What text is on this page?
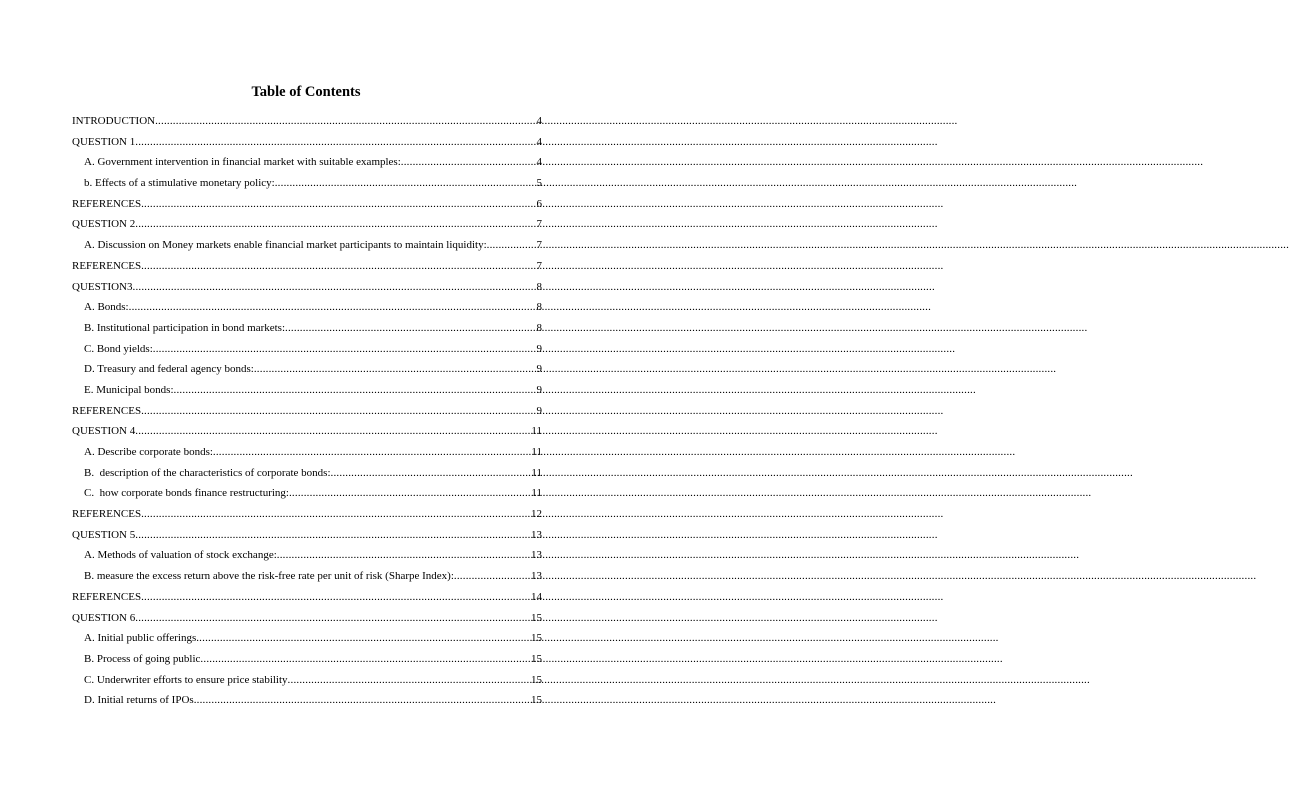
Table of Contents
INTRODUCTION .....	4
QUESTION 1 .....	4
A. Government intervention in financial market with suitable examples: .....	4
b. Effects of a stimulative monetary policy: .....	5
REFERENCES .....	6
QUESTION 2 .....	7
A. Discussion on Money markets enable financial market participants to maintain liquidity: .....	7
REFERENCES .....	7
QUESTION3 .....	8
A. Bonds: .....	8
B. Institutional participation in bond markets: .....	8
C. Bond yields: .....	9
D. Treasury and federal agency bonds: .....	9
E. Municipal bonds: .....	9
REFERENCES .....	9
QUESTION 4 .....	11
A. Describe corporate bonds: .....	11
B.  description of the characteristics of corporate bonds: .....	11
C.  how corporate bonds finance restructuring: .....	11
REFERENCES .....	12
QUESTION 5 .....	13
A. Methods of valuation of stock exchange: .....	13
B. measure the excess return above the risk-free rate per unit of risk (Sharpe Index): .....	13
REFERENCES .....	14
QUESTION 6 .....	15
A. Initial public offerings .....	15
B. Process of going public .....	15
C. Underwriter efforts to ensure price stability .....	15
D. Initial returns of IPOs .....	15
